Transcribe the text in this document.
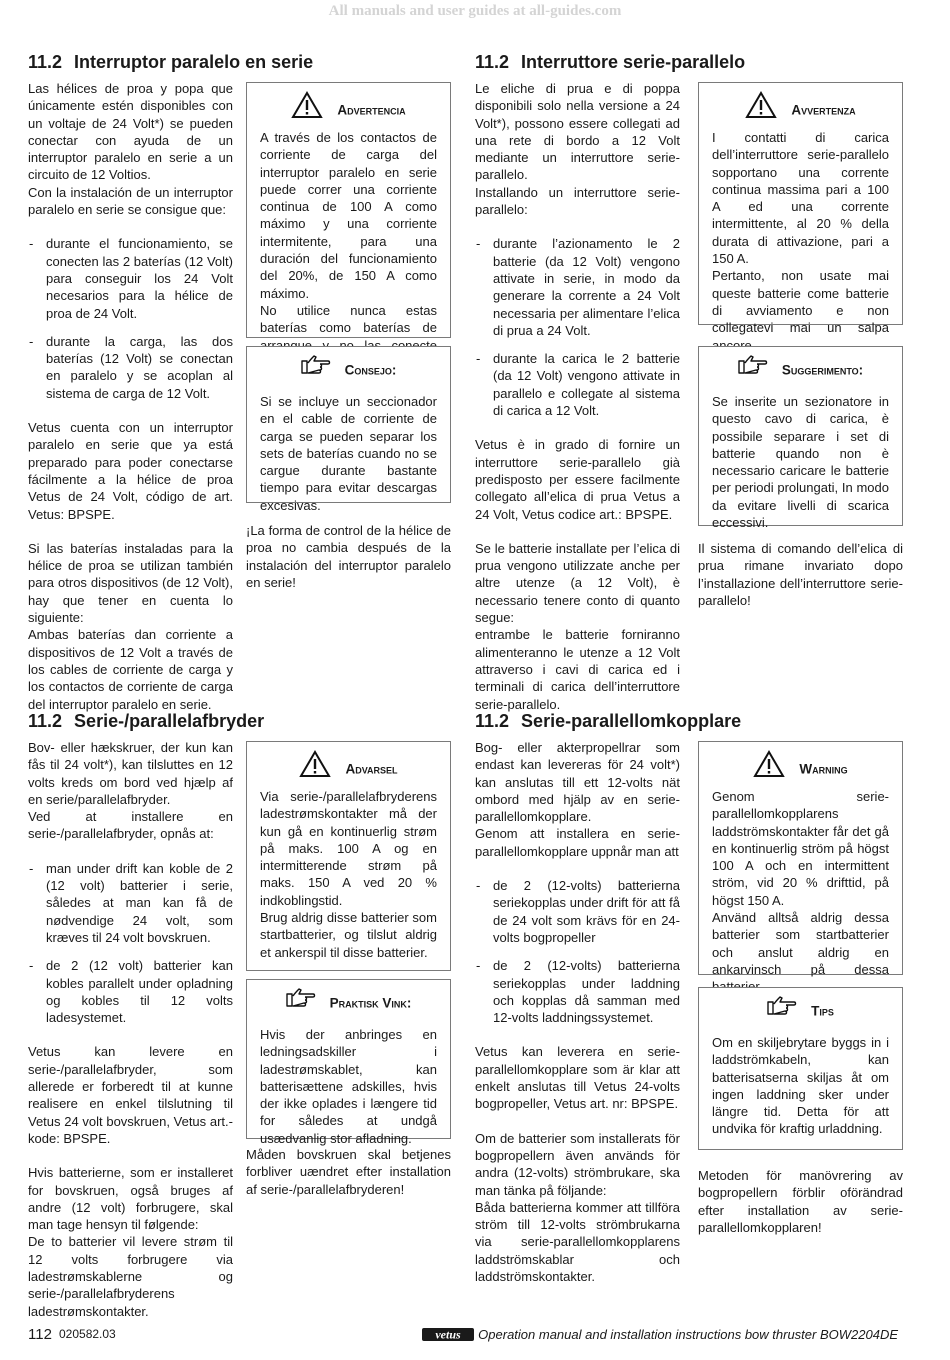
All manuals and user guides at all-guides.com
11.2 Interruptor paralelo en serie

Las hélices de proa y popa que únicamente estén disponibles con un voltaje de 24 Volt*) se pueden conectar con ayuda de un interruptor paralelo en serie a un circuito de 12 Voltios.

Con la instalación de un interruptor paralelo en serie se consigue que:

- durante el funcionamiento, se conecten las 2 baterías (12 Volt) para conseguir los 24 Volt necesarios para la hélice de proa de 24 Volt.
- durante la carga, las dos baterías (12 Volt) se conectan en paralelo y se acoplan al sistema de carga de 12 Volt.

Vetus cuenta con un interruptor paralelo en serie que ya está preparado para poder conectarse fácilmente a la hélice de proa Vetus de 24 Volt, código de art. Vetus: BPSPE.

Si las baterías instaladas para la hélice de proa se utilizan también para otros dispositivos (de 12 Volt), hay que tener en cuenta lo siguiente:

Ambas baterías dan corriente a dispositivos de 12 Volt a través de los cables de corriente de carga y los contactos de corriente de carga del interruptor paralelo en serie.

Advertencia
A través de los contactos de corriente de carga del interruptor paralelo en serie puede correr una corriente continua de 100 A como máximo y una corriente intermitente, para una duración del funcionamiento del 20%, de 150 A como máximo.
No utilice nunca estas baterías como baterías de
Consejo:
Si se incluye un seccionador en el cable de corriente de carga se pueden separar los sets de baterías cuando no se cargue durante bastante tiempo para evitar descargas excesivas.

¡La forma de control de la hélice de proa no cambia después de la instalación del interruptor paralelo en serie!

11.2 Interruttore serie-parallelo

Le eliche di prua e di poppa disponibili solo nella versione a 24 Volt*), possono essere collegati ad una rete di bordo a 12 Volt mediante un interruttore serie-parallelo.

Installando un interruttore serie-parallelo:

- durante l’azionamento le 2 batterie (da 12 Volt) vengono attivate in serie, in modo da generare la corrente a 24 Volt necessaria per alimentare l’elica di prua a 24 Volt.
- durante la carica le 2 batterie (da 12 Volt) vengono attivate in parallelo e collegate al sistema di carica a 12 Volt.

Vetus è in grado di fornire un interruttore serie-parallelo già predisposto per essere facilmente collegato all’elica di prua Vetus a 24 Volt, Vetus codice art.: BPSPE.

Se le batterie installate per l’elica di prua vengono utilizzate anche per altre utenze (a 12 Volt), è necessario tenere conto di quanto segue:

entrambe le batterie forniranno alimenteranno le utenze a 12 Volt attraverso i cavi di carica ed i terminali di carica dell’interruttore serie-parallelo.

Avvertenza
I contatti di carica dell’interruttore serie-parallelo sopportano una corrente continua massima pari a 100 A ed una corrente intermittente, al 20 % della durata di attivazione, pari a 150 A.
Pertanto, non usate mai queste batterie come batterie di avviamento e non collegatevi mai un salpa
Suggerimento:
Se inserite un sezionatore in questo cavo di carica, è possibile separare i set di batterie quando non è necessario caricare le batterie per periodi prolungati, In modo da evitare livelli di scarica eccessivi.

Il sistema di comando dell’elica di prua rimane invariato dopo l’installazione dell’interruttore serie-parallelo!

11.2 Serie-/parallelafbryder

Bov- eller hækskruer, der kun kan fås til 24 volt*), kan tilsluttes en 12 volts kreds om bord ved hjælp af en serie/parallelafbryder.

Ved at installere en serie-/parallelafbryder, opnås at:

- man under drift kan koble de 2 (12 volt) batterier i serie, således at man kan få de nødvendige 24 volt, som kræves til 24 volt bovskruen.
- de 2 (12 volt) batterier kan kobles parallelt under opladning og kobles til 12 volts ladesystemet.

Vetus kan levere en serie-/parallelafbryder, som allerede er forberedt til at kunne realisere en enkel tilslutning til Vetus 24 volt bovskruen, Vetus art.-kode: BPSPE.

Hvis batterierne, som er installeret for bovskruen, også bruges af andre (12 volt) forbrugere, skal man tage hensyn til følgende:

De to batterier vil levere strøm til 12 volts forbrugere via ladestrømskablerne og serie-/parallelafbryderens ladestrømskontakter.

Advarsel
Via serie-/parallelafbryderens ladestrømskontakter må der kun gå en kontinuerlig strøm på maks. 100 A og en intermitterende strøm på maks. 150 A ved 20 % indkoblingstid.
Brug aldrig disse batterier som startbatterier, og tilslut aldrig et ankerspil til disse batterier.
Praktisk Vink:
Hvis der anbringes en ledningsadskiller i ladestrømskablet, kan batterisættene adskilles, hvis der ikke oplades i længere tid for således at undgå usædvanlig stor afladning.

Måden bovskruen skal betjenes forbliver uændret efter installation af serie-/parallelafbryderen!

11.2 Serie-parallellomkopplare

Bog- eller akterpropellrar som endast kan levereras för 24 volt*) kan anslutas till ett 12-volts nät ombord med hjälp av en serie-parallellomkopplare.

Genom att installera en serie-parallellomkopplare uppnår man att

- de 2 (12-volts) batterierna seriekopplas under drift för att få de 24 volt som krävs för en 24-volts bogpropeller
- de 2 (12-volts) batterierna seriekopplas under laddning och kopplas då samman med 12-volts laddningssystemet.

Vetus kan leverera en serie-parallellomkopplare som är klar att enkelt anslutas till Vetus 24-volts bogpropeller, Vetus art. nr: BPSPE.

Om de batterier som installerats för bogpropellern även används för andra (12-volts) strömbrukare, ska man tänka på följande:

Båda batterierna kommer att tillföra ström till 12-volts strömbrukarna via serie-parallellomkopplarens laddströmskablar och laddströmskontakter.

Warning
Genom serie-parallellomkopplarens laddströmskontakter får det gå en kontinuerlig ström på högst 100 A och en intermittent ström, vid 20 % drifttid, på högst 150 A.
Använd alltså aldrig dessa batterier som startbatterier och anslut aldrig en ankarvinsch på dessa
Tips
Om en skiljebrytare byggs in i laddströmkabeln, kan batterisatserna skiljas åt om ingen laddning sker under längre tid. Detta för att undvika för kraftig urladdning.

Metoden för manövrering av bogpropellern förblir oförändrad efter installation av serie-parallellomkopplaren!

112 020582.03	vetus Operation manual and installation instructions bow thruster BOW2204DE
